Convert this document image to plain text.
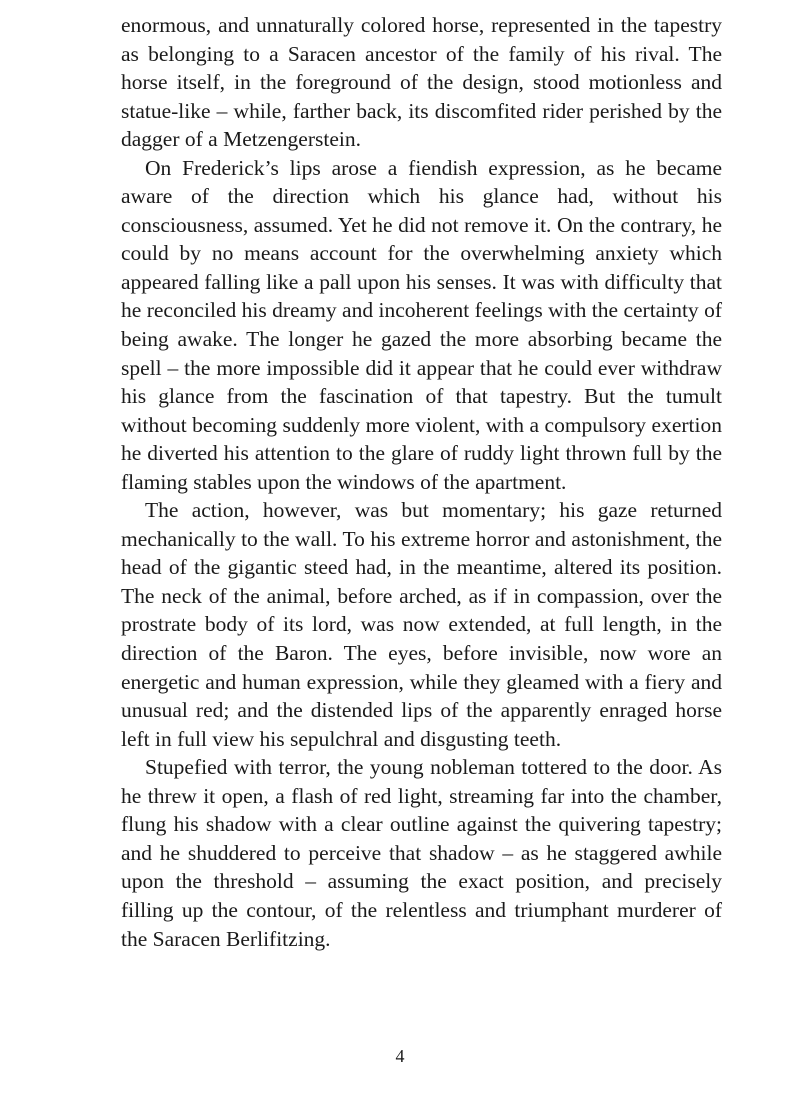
enormous, and unnaturally colored horse, represented in the tapestry as belonging to a Saracen ancestor of the family of his rival. The horse itself, in the foreground of the design, stood motionless and statue-like – while, farther back, its discomfited rider perished by the dagger of a Metzengerstein.

On Frederick’s lips arose a fiendish expression, as he became aware of the direction which his glance had, without his consciousness, assumed. Yet he did not remove it. On the contrary, he could by no means account for the overwhelming anxiety which appeared falling like a pall upon his senses. It was with difficulty that he reconciled his dreamy and incoherent feelings with the certainty of being awake. The longer he gazed the more absorbing became the spell – the more impossible did it appear that he could ever withdraw his glance from the fascination of that tapestry. But the tumult without becoming suddenly more violent, with a compulsory exertion he diverted his attention to the glare of ruddy light thrown full by the flaming stables upon the windows of the apartment.

The action, however, was but momentary; his gaze returned mechanically to the wall. To his extreme horror and astonishment, the head of the gigantic steed had, in the meantime, altered its position. The neck of the animal, before arched, as if in compassion, over the prostrate body of its lord, was now extended, at full length, in the direction of the Baron. The eyes, before invisible, now wore an energetic and human expression, while they gleamed with a fiery and unusual red; and the distended lips of the apparently enraged horse left in full view his sepulchral and disgusting teeth.

Stupefied with terror, the young nobleman tottered to the door. As he threw it open, a flash of red light, streaming far into the chamber, flung his shadow with a clear outline against the quivering tapestry; and he shuddered to perceive that shadow – as he staggered awhile upon the threshold – assuming the exact position, and precisely filling up the contour, of the relentless and triumphant murderer of the Saracen Berlifitzing.

4
